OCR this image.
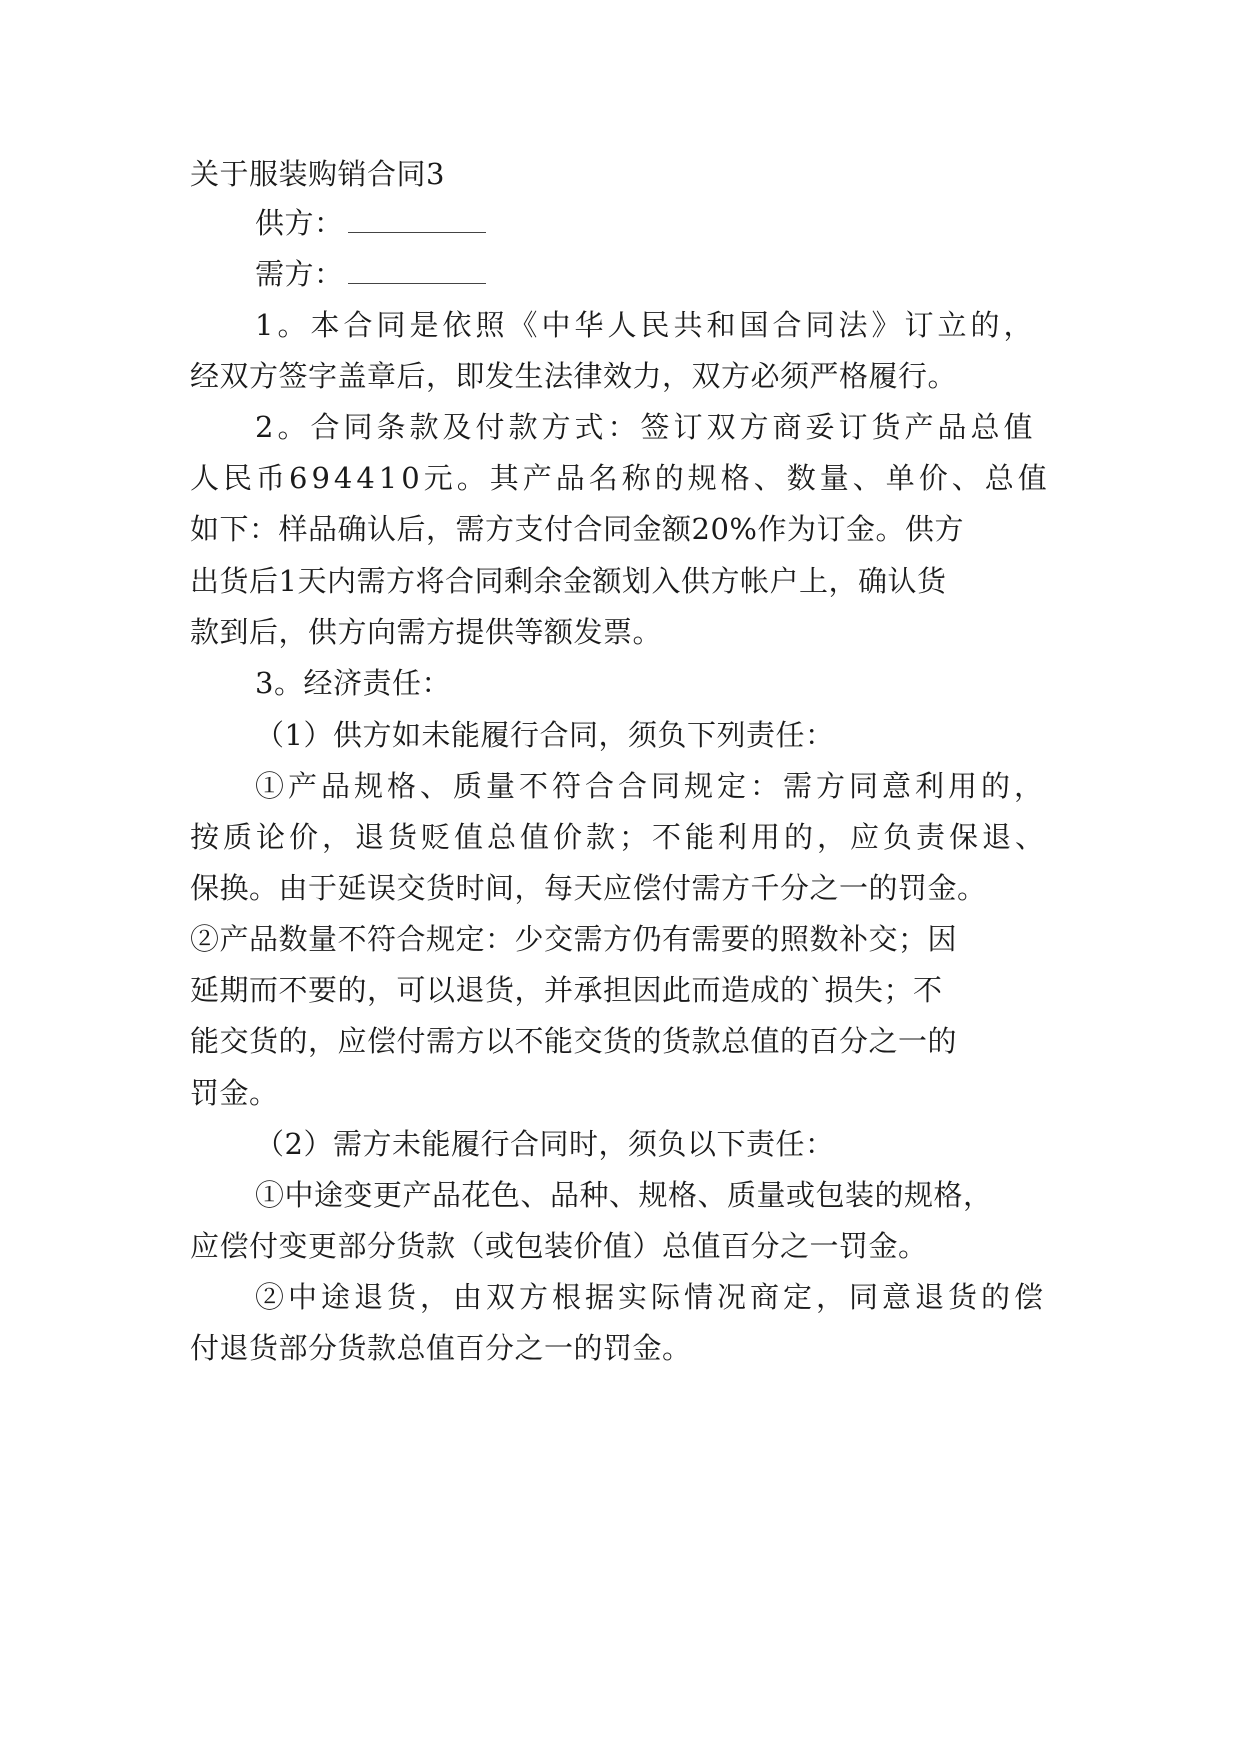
关于服装购销合同3
供方：
需方：
1。本合同是依照《中华人民共和国合同法》订立的，
经双方签字盖章后，即发生法律效力，双方必须严格履行。
2。合同条款及付款方式：签订双方商妥订货产品总值
人民币694410元。其产品名称的规格、数量、单价、总值
如下：样品确认后，需方支付合同金额20%作为订金。供方
出货后1天内需方将合同剩余金额划入供方帐户上，确认货
款到后，供方向需方提供等额发票。
3。经济责任：
（1）供方如未能履行合同，须负下列责任：
①产品规格、质量不符合合同规定：需方同意利用的，
按质论价，退货贬值总值价款；不能利用的，应负责保退、
保换。由于延误交货时间，每天应偿付需方千分之一的罚金。
②产品数量不符合规定：少交需方仍有需要的照数补交；因
延期而不要的，可以退货，并承担因此而造成的`损失；不
能交货的，应偿付需方以不能交货的货款总值的百分之一的
罚金。
（2）需方未能履行合同时，须负以下责任：
①中途变更产品花色、品种、规格、质量或包装的规格，
应偿付变更部分货款（或包装价值）总值百分之一罚金。
②中途退货，由双方根据实际情况商定，同意退货的偿
付退货部分货款总值百分之一的罚金。
